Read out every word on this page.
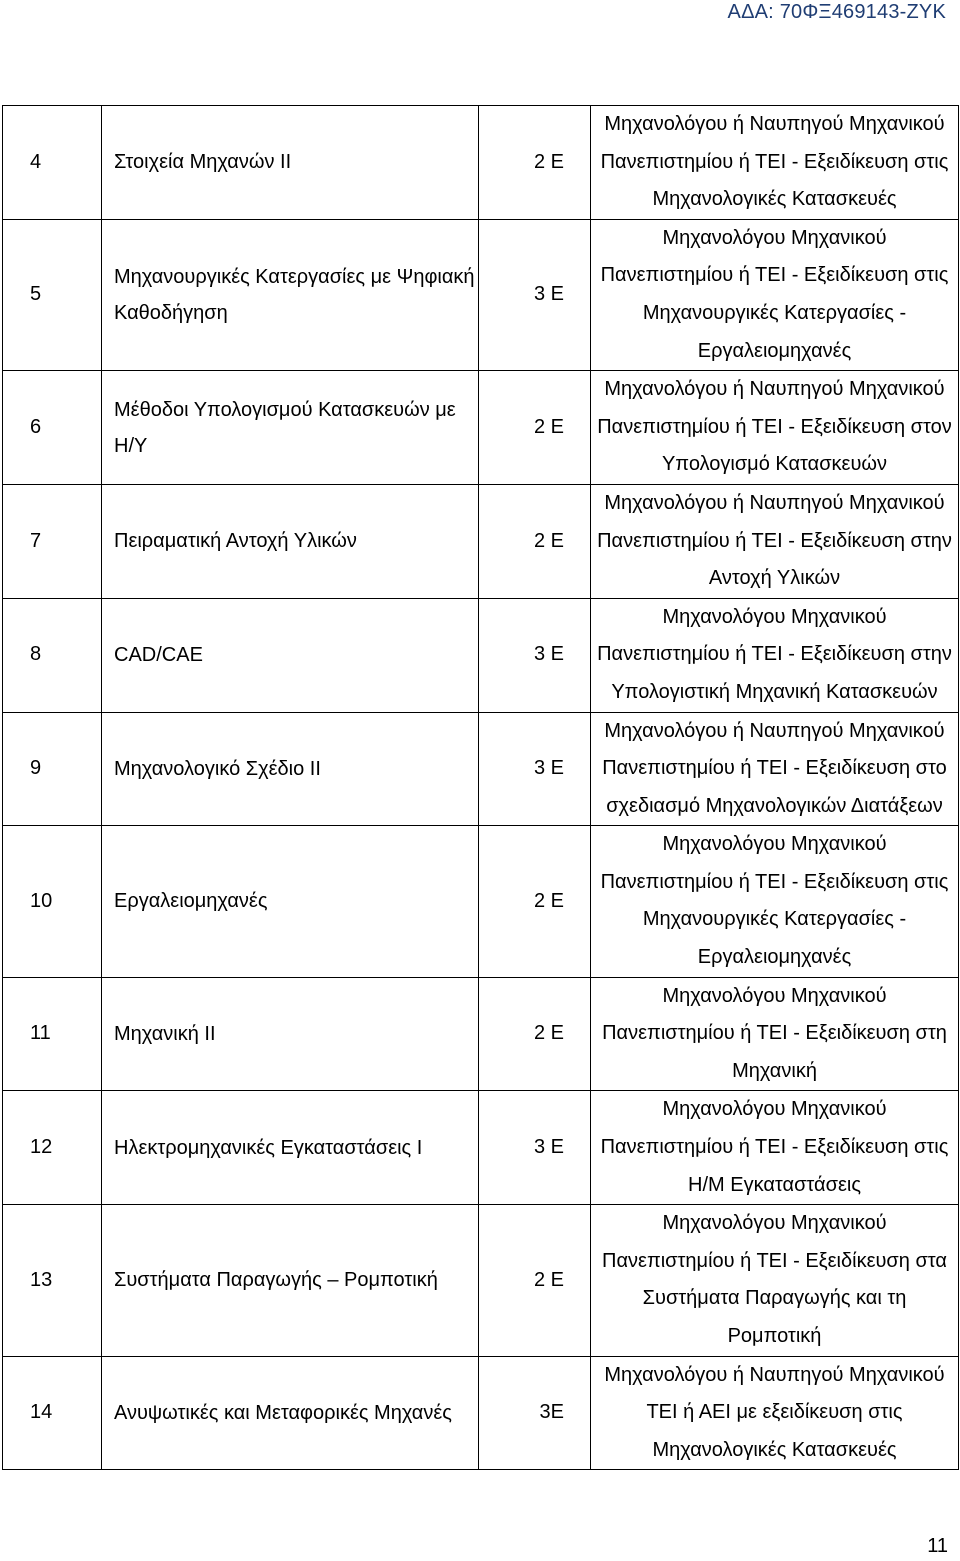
ΑΔΑ: 70ΦΞ469143-ΖΥΚ
4	Στοιχεία Μηχανών ΙΙ	2 Ε	Μηχανολόγου ή Ναυπηγού Μηχανικού
Πανεπιστημίου ή ΤΕΙ - Εξειδίκευση στις
Μηχανολογικές Κατασκευές

5	Μηχανουργικές Κατεργασίες με Ψηφιακή Καθοδήγηση	3 Ε	Μηχανολόγου Μηχανικού
Πανεπιστημίου ή ΤΕΙ - Εξειδίκευση στις
Μηχανουργικές Κατεργασίες -
Εργαλειομηχανές

6	Μέθοδοι Υπολογισμού Κατασκευών με Η/Υ	2 Ε	Μηχανολόγου ή Ναυπηγού Μηχανικού
Πανεπιστημίου ή ΤΕΙ - Εξειδίκευση στον
Υπολογισμό Κατασκευών

7	Πειραματική Αντοχή Υλικών	2 Ε	Μηχανολόγου ή Ναυπηγού Μηχανικού
Πανεπιστημίου ή ΤΕΙ - Εξειδίκευση στην
Αντοχή Υλικών

8	CAD/CAE	3 Ε	Μηχανολόγου Μηχανικού
Πανεπιστημίου ή ΤΕΙ - Εξειδίκευση στην
Υπολογιστική Μηχανική Κατασκευών

9	Μηχανολογικό Σχέδιο ΙΙ	3 Ε	Μηχανολόγου ή Ναυπηγού Μηχανικού
Πανεπιστημίου ή ΤΕΙ - Εξειδίκευση στο
σχεδιασμό Μηχανολογικών Διατάξεων

10	Εργαλειομηχανές	2 Ε	Μηχανολόγου Μηχανικού
Πανεπιστημίου ή ΤΕΙ - Εξειδίκευση στις
Μηχανουργικές Κατεργασίες -
Εργαλειομηχανές

11	Μηχανική ΙΙ	2 Ε	Μηχανολόγου Μηχανικού
Πανεπιστημίου ή ΤΕΙ - Εξειδίκευση στη
Μηχανική

12	Ηλεκτρομηχανικές Εγκαταστάσεις Ι	3 Ε	Μηχανολόγου Μηχανικού
Πανεπιστημίου ή ΤΕΙ - Εξειδίκευση στις
Η/Μ Εγκαταστάσεις

13	Συστήματα Παραγωγής – Ρομποτική	2 Ε	Μηχανολόγου Μηχανικού
Πανεπιστημίου ή ΤΕΙ - Εξειδίκευση στα
Συστήματα Παραγωγής και τη
Ρομποτική

14	Ανυψωτικές και Μεταφορικές Μηχανές	3Ε	Μηχανολόγου ή Ναυπηγού Μηχανικού
ΤΕΙ ή ΑΕΙ με εξειδίκευση στις
Μηχανολογικές Κατασκευές
11
